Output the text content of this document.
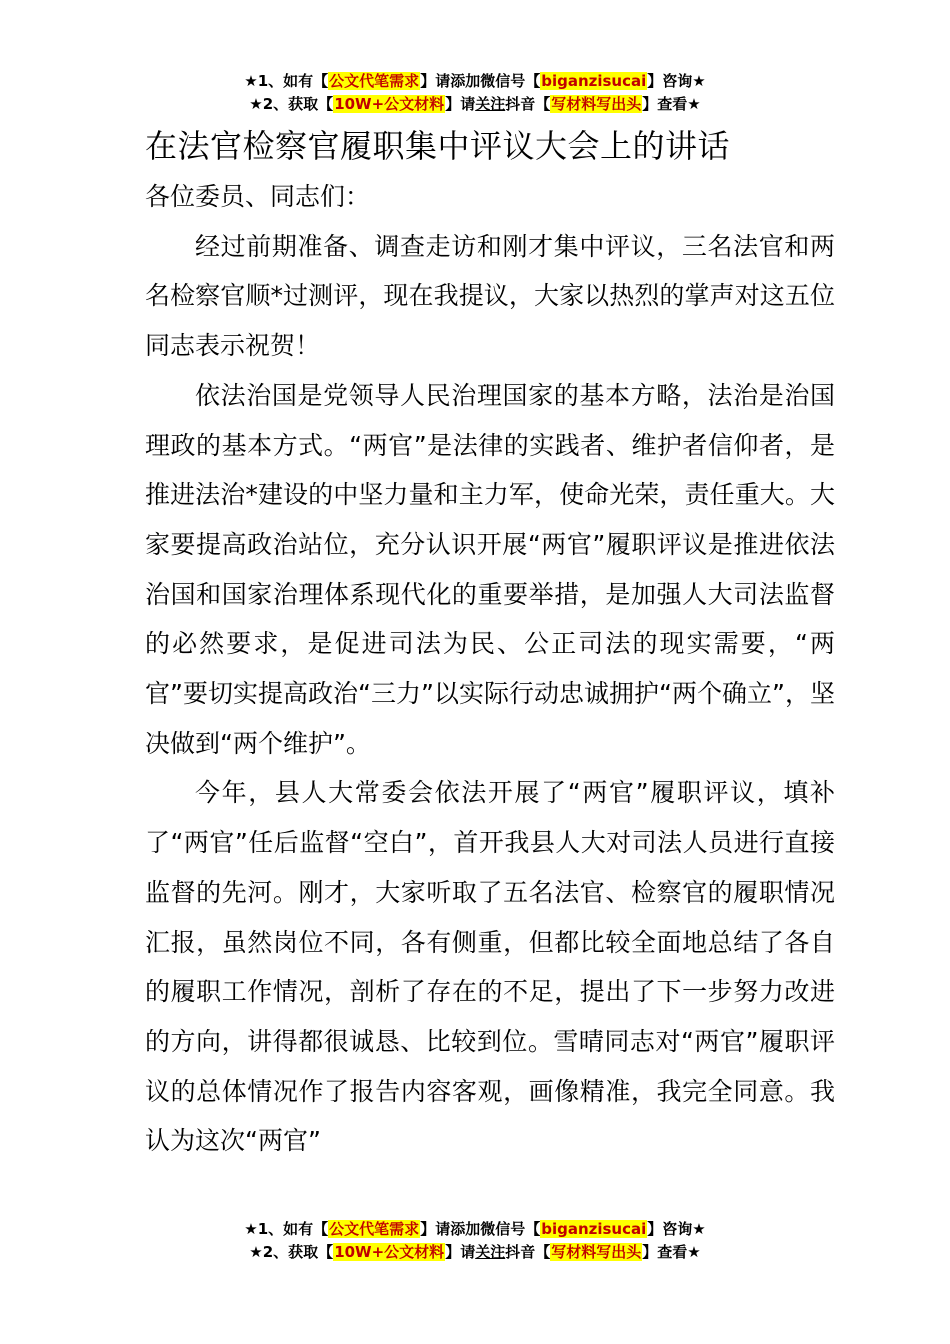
★1、如有【公文代笔需求】请添加微信号【biganzisucai】咨询★
★2、获取【10W+公文材料】请关注抖音【写材料写出头】查看★
在法官检察官履职集中评议大会上的讲话

各位委员、同志们：

经过前期准备、调查走访和刚才集中评议，三名法官和两名检察官顺*过测评，现在我提议，大家以热烈的掌声对这五位同志表示祝贺！

依法治国是党领导人民治理国家的基本方略，法治是治国理政的基本方式。“两官”是法律的实践者、维护者信仰者，是推进法治*建设的中坚力量和主力军，使命光荣，责任重大。大家要提高政治站位，充分认识开展“两官”履职评议是推进依法治国和国家治理体系现代化的重要举措，是加强人大司法监督的必然要求，是促进司法为民、公正司法的现实需要，“两官”要切实提高政治“三力”以实际行动忠诚拥护“两个确立”，坚决做到“两个维护”。

今年，县人大常委会依法开展了“两官”履职评议，填补了“两官”任后监督“空白”，首开我县人大对司法人员进行直接监督的先河。刚才，大家听取了五名法官、检察官的履职情况汇报，虽然岗位不同，各有侧重，但都比较全面地总结了各自的履职工作情况，剖析了存在的不足，提出了下一步努力改进的方向，讲得都很诚恳、比较到位。雪晴同志对“两官”履职评议的总体情况作了报告内容客观，画像精准，我完全同意。我认为这次“两官”

★1、如有【公文代笔需求】请添加微信号【biganzisucai】咨询★
★2、获取【10W+公文材料】请关注抖音【写材料写出头】查看★
